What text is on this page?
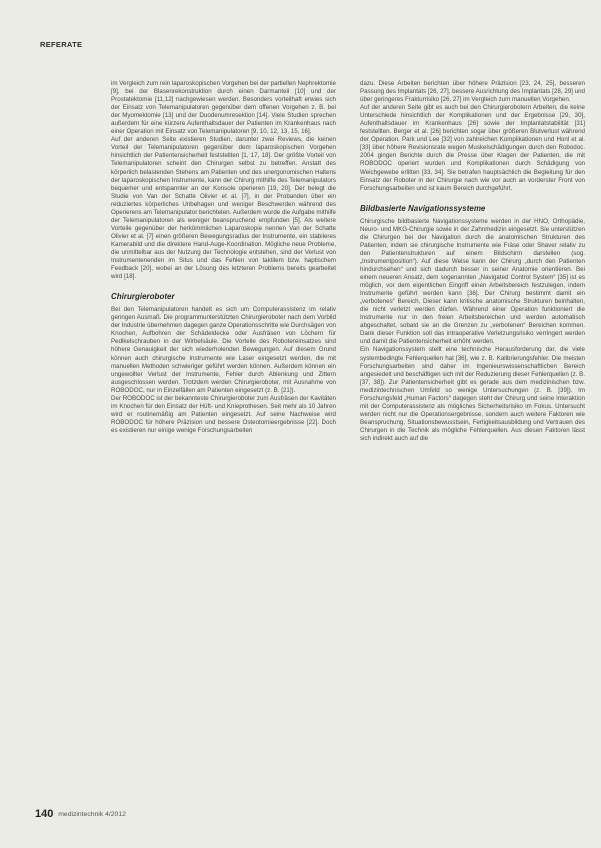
REFERATE

im Vergleich zum rein laparoskopischen Vorgehen bei der partiellen Nephrektomie [9], bei der Blasenrekonstruktion durch einen Darmanteil [10] und der Prostatektomie [11,12] nachgewiesen werden. Besonders vorteilhaft erwies sich der Einsatz von Telemanipulatoren gegenüber dem offenen Vorgehen z. B. bei der Myomektomie [13] und der Duodenumresektion [14]. Viele Studien sprechen außerdem für eine kürzere Aufenthaltsdauer der Patienten im Krankenhaus nach einer Operation mit Einsatz von Telemanipulatoren [9, 10, 12, 13, 15, 16].

Auf der anderen Seite existieren Studien, darunter zwei Reviews, die keinen Vorteil der Telemanipulatoren gegenüber dem laparoskopischen Vorgehen hinsichtlich der Patientensicherheit feststellten [1, 17, 18]. Der größte Vorteil von Telemanipulatoren scheint den Chirurgen selbst zu betreffen. Anstatt des körperlich belastenden Stehens am Patienten und des unergonomischen Haltens der laparoskopischen Instrumente, kann der Chirurg mithilfe des Telemanipulators bequemer und entspannter an der Konsole operieren [19, 20]. Der belegt die Studie von Van der Schatte Olivier et al. [7], in der Probanden über ein reduziertes körperliches Unbehagen und weniger Beschwerden während des Operierens am Telemanipulator berichteten. Außerdem wurde die Aufgabe mithilfe der Telemanipulatoren als weniger beanspruchend empfunden [5]. Als weitere Vorteile gegenüber der herkömmlichen Laparoskopie nennen Van der Schatte Olivier et al. [7] einen größeren Bewegungsradius der Instrumente, ein stabileres Kamerabild und die direktere Hand-Auge-Koordination. Mögliche neue Probleme, die unmittelbar aus der Nutzung der Technologie entstehen, sind der Verlust von Instrumentenenden im Situs und das Fehlen von taktilem bzw. haptischem Feedback [20], wobei an der Lösung des letzteren Problems bereits gearbeitet wird [18].

Chirurgieroboter

Bei den Telemanipulatoren handelt es sich um Computerassistenz im relativ geringen Ausmaß. Die programmunterstützten Chirurgieroboter nach dem Vorbild der Industrie übernehmen dagegen ganze Operationsschritte wie Durchsägen von Knochen, Aufbohren der Schädeldecke oder Ausfräsen von Löchern für Pedikelschrauben in der Wirbelsäule. Die Vorteile des Robotereinsatzes sind höhere Genauigkeit der sich wiederholenden Bewegungen. Auf diesem Grund können auch chirurgische Instrumente wie Laser eingesetzt werden, die mit manuellen Methoden schwieriger geführt werden können. Außerdem können ein ungewollter Verlust der Instrumente, Fehler durch Ablenkung und Zittern ausgeschlossen werden. Trotzdem werden Chirurgieroboter, mit Ausnahme von ROBODOC, nur in Einzelfällen am Patienten eingesetzt (z. B. [21]).

Der ROBODOC ist der bekannteste Chirurgieroboter zum Ausfräsen der Kavitäten im Knochen für den Einsatz der Hüft- und Knieprothesen. Seit mehr als 10 Jahren wird er routinemäßig am Patienten eingesetzt. Auf seine Nachweise wird ROBODOC für höhere Präzision und bessere Osteotomieergebnisse [22]. Doch es existieren nur einige wenige Forschungsarbeiten

dazu. Diese Arbeiten berichten über höhere Präzision [23, 24, 25], besseren Passung des Implantats [26, 27], bessere Ausrichtung des Implantats [28, 29] und über geringeres Frakturrisiko [26, 27] im Vergleich zum manuellen Vorgehen.

Auf der anderen Seite gibt es auch bei den Chirurgierobotern Arbeiten, die keine Unterschiede hinsichtlich der Komplikationen und der Ergebnisse [29, 30], Aufenthaltsdauer im Krankenhaus [26] sowie der Implantatstabilität [31] feststellten. Berger et al. [26] berichten sogar über größeren Blutverlust während der Operation. Park und Lee [32] von zahlreichen Komplikationen und Honl et al. [33] über höhere Revisionsrate wegen Muskelschädigungen durch den Robodoc. 2004 gingen Berichte durch die Presse über Klagen der Patienten, die mit ROBODOC operiert wurden und Komplikationen durch Schädigung von Weichgewebe erlitten [33, 34]. Sie betrafen hauptsächlich die Begleitung für den Einsatz der Roboter in der Chirurgie nach wie vor auch an vorderster Front von Forschungsarbeiten und ist kaum Bereich durchgeführt.

Bildbasierte Navigationssysteme

Chirurgische bildbasierte Navigationssysteme werden in der HNO, Orthopädie, Neuro- und MKG-Chirurgie sowie in der Zahnmedizin eingesetzt. Sie unterstützen die Chirurgen bei der Navigation durch die anatomischen Strukturen des Patienten, indem sie chirurgische Instrumente wie Fräse oder Shaver relativ zu den Patientenstrukturen auf einem Bildschirm darstellen (sog. „Instrumentposition“). Auf diese Weise kann der Chirurg „durch den Patienten hindurchsehen“ und sich dadurch besser in seiner Anatomie orientieren. Bei einem neueren Ansatz, dem sogenannten „Navigated Control System“ [35] ist es möglich, vor dem eigentlichen Eingriff einen Arbeitsbereich festzulegen, indem Instrumente geführt werden kann [36]. Der Chirurg bestimmt damit ein „verbotenes“ Bereich, Dieser kann kritische anatomische Strukturen beinhalten, die nicht verletzt werden dürfen. Während einer Operation funktioniert die Instrumente nur in den freien Arbeitsbereichen und werden automatisch abgeschaltet, sobald sie an die Grenzen zu „verbotenen“ Bereichen kommen. Dank dieser Funktion soll das intraoperative Verletzungsrisiko verringert werden und damit die Patientensicherheit erhöht werden.

Ein Navigationssystem stellt eine technische Herausforderung dar, die viele systembedingte Fehlerquellen hat [36], wie z. B. Kalibrierungsfehler. Die meisten Forschungsarbeiten sind daher im Ingenieurswissenschaftlichen Bereich angesiedelt und beschäftigen sich mit der Reduzierung dieser Fehlerquellen (z. B. [37, 38]). Zur Patientensicherheit gibt es gerade aus dem medizinischen bzw. medizintechnischen Umfeld so wenige Untersuchungen (z. B. [39]). Im Forschungsfeld „Human Factors“ dagegen steht der Chirurg und seine Interaktion mit der Computerassistenz als mögliches Sicherheitsrisiko im Fokus. Untersucht werden nicht nur die Operationsergebnisse, sondern auch weitere Faktoren wie Beanspruchung, Situationsbewusstsein, Fertigkeitsausbildung und Vertrauen des Chirurgen in die Technik als mögliche Fehlerquellen. Aus diesen Faktoren lässt sich indirekt auch auf die

140 medizintechnik 4/2012
